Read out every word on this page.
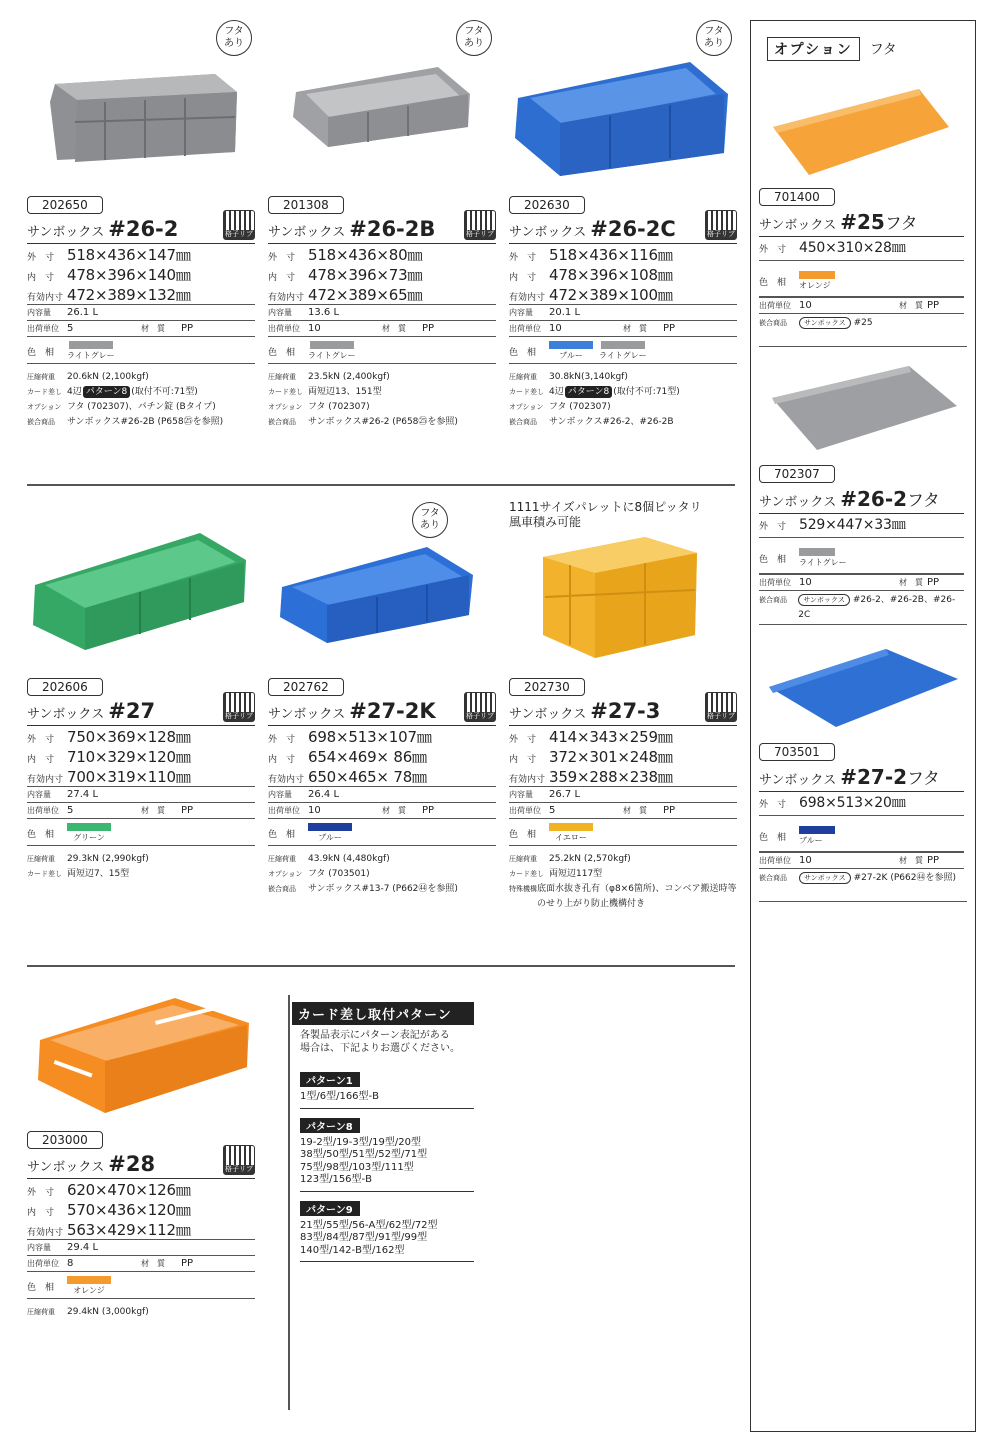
フタ
あり
フタ
あり
フタ
あり
フタ
あり
1111サイズパレットに8個ピッタリ
風車積み可能
202650
サンボックス #26-2	格子リブ
外　寸 518×436×147㎜
内　寸 478×396×140㎜
有効内寸 472×389×132㎜
内容量	26.1 L
出荷単位 5	材　質	PP
色　相	ライトグレー
圧縮荷重	20.6kN (2,100kgf)
カード差し 4辺 パターン8 (取付不可:71型)
オプション フタ (702307)、パチン錠 (Bタイプ)
嵌合商品	サンボックス#26-2B (P658㉕を参照)
201308
サンボックス #26-2B	格子リブ
外　寸 518×436×80㎜
内　寸 478×396×73㎜
有効内寸 472×389×65㎜
内容量	13.6 L
出荷単位 10	材　質	PP
色　相	ライトグレー
圧縮荷重	23.5kN (2,400kgf)
カード差し 両短辺13、151型
オプション フタ (702307)
嵌合商品	サンボックス#26-2 (P658㉕を参照)
202630
サンボックス #26-2C	格子リブ
外　寸 518×436×116㎜
内　寸 478×396×108㎜
有効内寸 472×389×100㎜
内容量	20.1 L
出荷単位 10	材　質	PP
色　相	ブルー ライトグレー
圧縮荷重	30.8kN(3,140kgf)
カード差し 4辺 パターン8 (取付不可:71型)
オプション フタ (702307)
嵌合商品	サンボックス#26-2、#26-2B
202606
サンボックス #27	格子リブ
外　寸 750×369×128㎜
内　寸 710×329×120㎜
有効内寸 700×319×110㎜
内容量	27.4 L
出荷単位 5	材　質	PP
色　相	グリーン
圧縮荷重	29.3kN (2,990kgf)
カード差し 両短辺7、15型
202762
サンボックス #27-2K	格子リブ
外　寸 698×513×107㎜
内　寸 654×469× 86㎜
有効内寸 650×465× 78㎜
内容量	26.4 L
出荷単位 10	材　質	PP
色　相	ブルー
圧縮荷重	43.9kN (4,480kgf)
オプション フタ (703501)
嵌合商品	サンボックス#13-7 (P662㊹を参照)
202730
サンボックス #27-3	格子リブ
外　寸 414×343×259㎜
内　寸 372×301×248㎜
有効内寸 359×288×238㎜
内容量	26.7 L
出荷単位 5	材　質	PP
色　相	イエロー
圧縮荷重	25.2kN (2,570kgf)
カード差し 両短辺117型
特殊機構 底面水抜き孔有（φ8×6箇所)、コンベア搬送時等のせり上がり防止機構付き
203000
サンボックス #28	格子リブ
外　寸 620×470×126㎜
内　寸 570×436×120㎜
有効内寸 563×429×112㎜
内容量	29.4 L
出荷単位 8	材　質	PP
色　相	オレンジ
圧縮荷重	29.4kN (3,000kgf)
カード差し取付パターン
各製品表示にパターン表記がある
場合は、下記よりお選びください。
パターン1
1型/6型/166型-B
パターン8
19-2型/19-3型/19型/20型
38型/50型/51型/52型/71型
75型/98型/103型/111型
123型/156型-B
パターン9
21型/55型/56-A型/62型/72型
83型/84型/87型/91型/99型
140型/142-B型/162型
オプション	フタ
701400
サンボックス #25 フタ
外　寸 450×310×28㎜
色　相	オレンジ
出荷単位 10	材　質 PP
嵌合商品	サンボックス #25
702307
サンボックス #26-2 フタ
外　寸 529×447×33㎜
色　相	ライトグレー
出荷単位 10	材　質 PP
嵌合商品	サンボックス #26-2、#26-2B、#26-2C
703501
サンボックス #27-2 フタ
外　寸 698×513×20㎜
色　相	ブルー
出荷単位 10	材　質 PP
嵌合商品	サンボックス #27-2K (P662㊹を参照)
